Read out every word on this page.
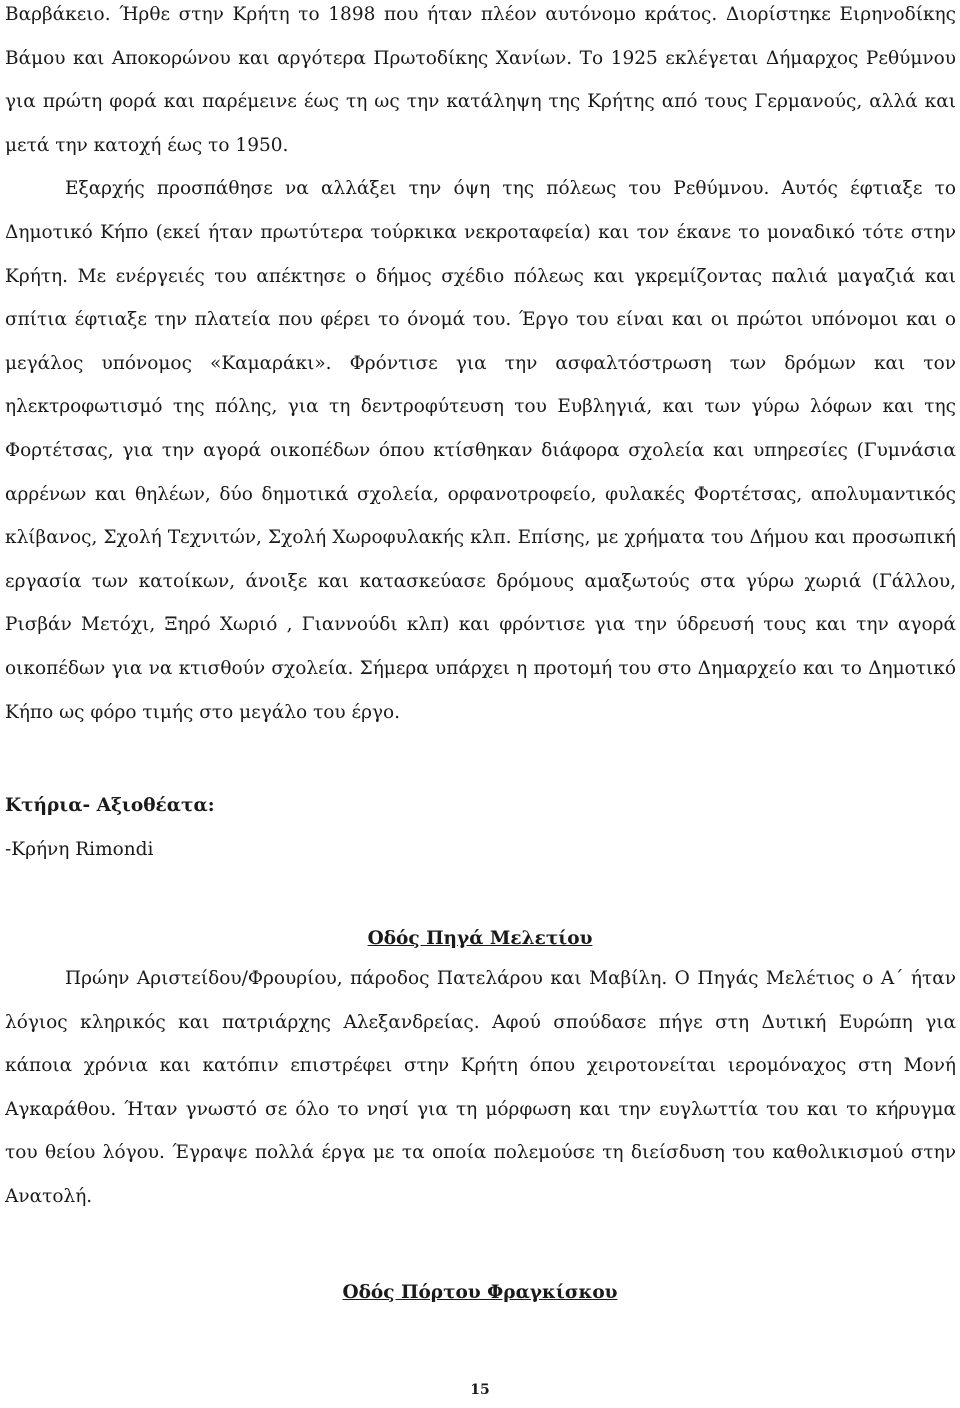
Βαρβάκειο. Ήρθε στην Κρήτη το 1898 που ήταν πλέον αυτόνομο κράτος. Διορίστηκε Ειρηνοδίκης Βάμου και Αποκορώνου και αργότερα Πρωτοδίκης Χανίων. Το 1925 εκλέγεται Δήμαρχος Ρεθύμνου για πρώτη φορά και παρέμεινε έως τη ως την κατάληψη της Κρήτης από τους Γερμανούς, αλλά και μετά την κατοχή έως το 1950.

Εξαρχής προσπάθησε να αλλάξει την όψη της πόλεως του Ρεθύμνου. Αυτός έφτιαξε το Δημοτικό Κήπο (εκεί ήταν πρωτύτερα τούρκικα νεκροταφεία) και τον έκανε το μοναδικό τότε στην Κρήτη. Με ενέργειές του απέκτησε ο δήμος σχέδιο πόλεως και γκρεμίζοντας παλιά μαγαζιά και σπίτια έφτιαξε την πλατεία που φέρει το όνομά του. Έργο του είναι και οι πρώτοι υπόνομοι και ο μεγάλος υπόνομος «Καμαράκι». Φρόντισε για την ασφαλτόστρωση των δρόμων και τον ηλεκτροφωτισμό της πόλης, για τη δεντροφύτευση του Ευβληγιά, και των γύρω λόφων και της Φορτέτσας, για την αγορά οικοπέδων όπου κτίσθηκαν διάφορα σχολεία και υπηρεσίες (Γυμνάσια αρρένων και θηλέων, δύο δημοτικά σχολεία, ορφανοτροφείο, φυλακές Φορτέτσας, απολυμαντικός κλίβανος, Σχολή Τεχνιτών, Σχολή Χωροφυλακής κλπ. Επίσης, με χρήματα του Δήμου και προσωπική εργασία των κατοίκων, άνοιξε και κατασκεύασε δρόμους αμαξωτούς στα γύρω χωριά (Γάλλου, Ρισβάν Μετόχι, Ξηρό Χωριό , Γιαννούδι κλπ) και φρόντισε για την ύδρευσή τους και την αγορά οικοπέδων για να κτισθούν σχολεία. Σήμερα υπάρχει η προτομή του στο Δημαρχείο και το Δημοτικό Κήπο ως φόρο τιμής στο μεγάλο του έργο.

Κτήρια- Αξιοθέατα:

-Κρήνη Rimondi

Οδός Πηγά Μελετίου

Πρώην Αριστείδου/Φρουρίου, πάροδος Πατελάρου και Μαβίλη. Ο Πηγάς Μελέτιος ο Α΄ ήταν λόγιος κληρικός και πατριάρχης Αλεξανδρείας. Αφού σπούδασε πήγε στη Δυτική Ευρώπη για κάποια χρόνια και κατόπιν επιστρέφει στην Κρήτη όπου χειροτονείται ιερομόναχος στη Μονή Αγκαράθου. Ήταν γνωστό σε όλο το νησί για τη μόρφωση και την ευγλωττία του και το κήρυγμα του θείου λόγου. Έγραψε πολλά έργα με τα οποία πολεμούσε τη διείσδυση του καθολικισμού στην Ανατολή.

Οδός Πόρτου Φραγκίσκου
15
